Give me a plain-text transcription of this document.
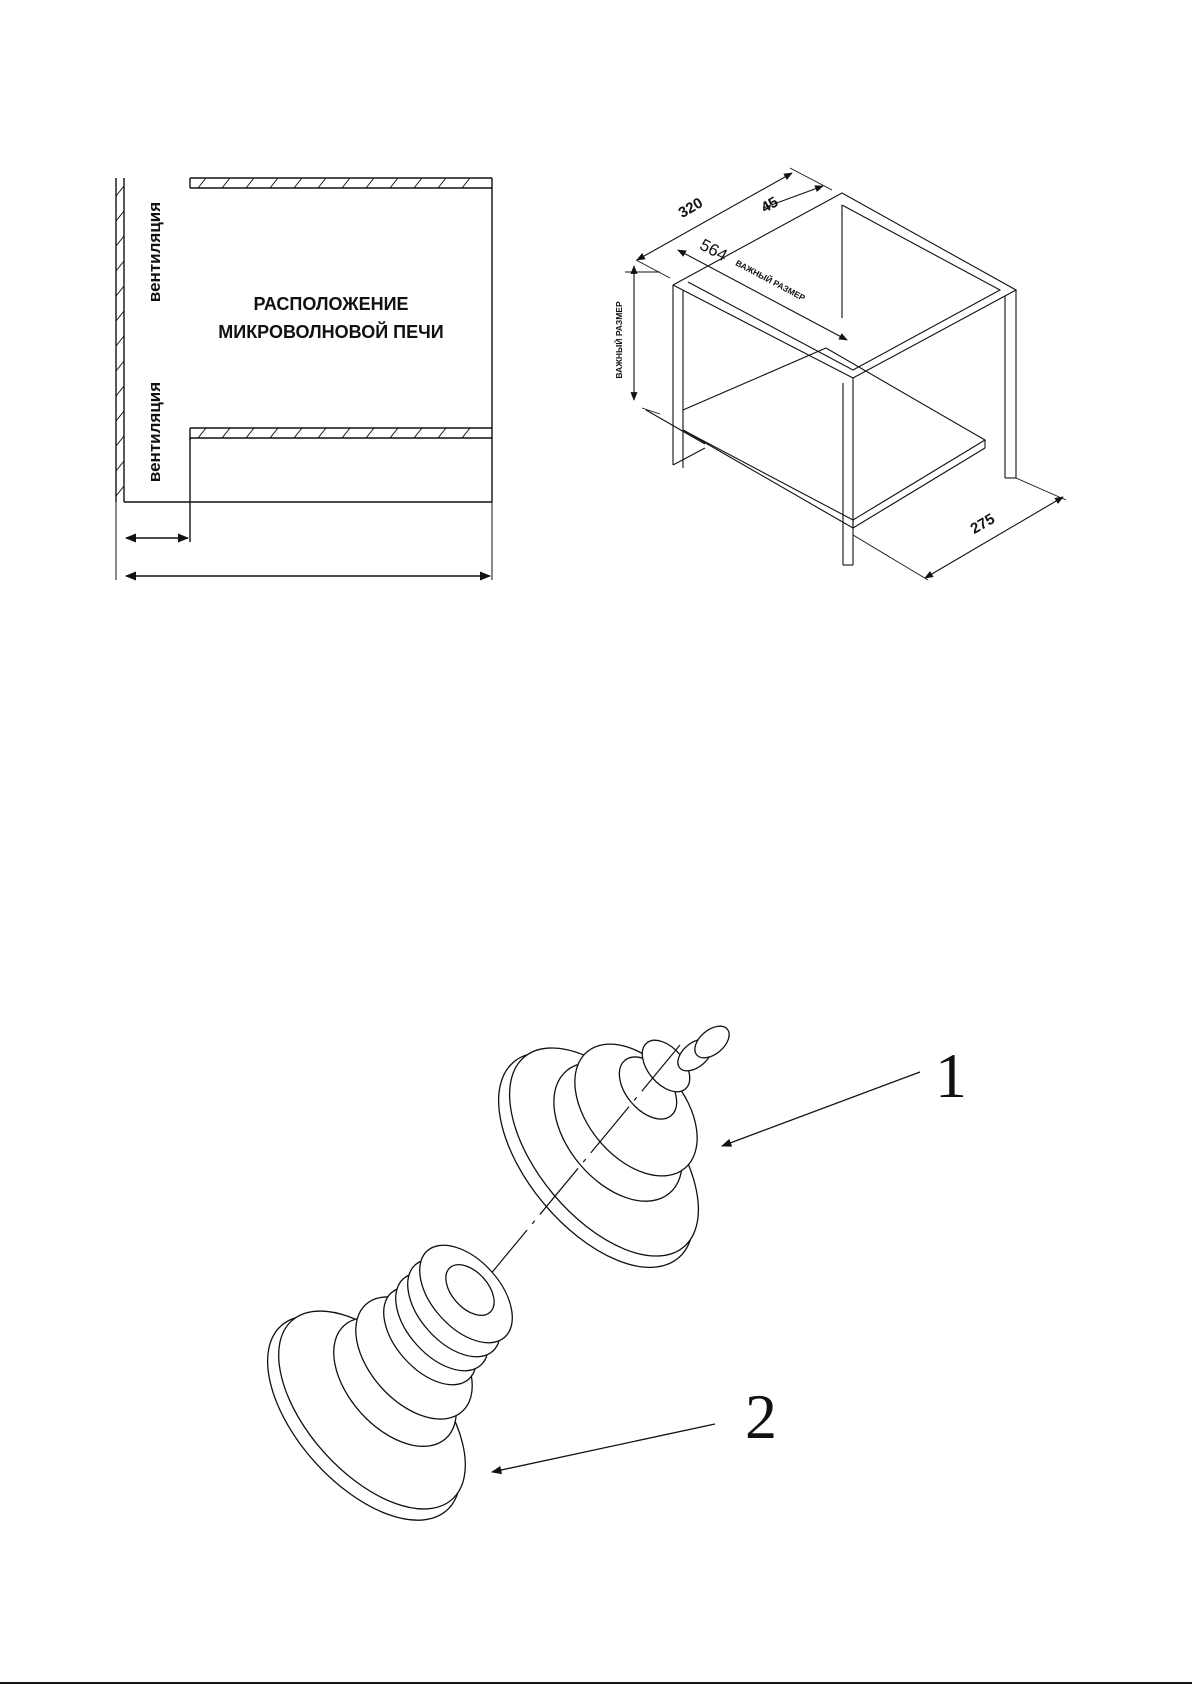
РАСПОЛОЖЕНИЕ
МИКРОВОЛНОВОЙ ПЕЧИ
вентиляция
вентиляция
320	45
564
ВАЖНЫЙ РАЗМЕР
ВАЖНЫЙ РАЗМЕР
275
1
2
